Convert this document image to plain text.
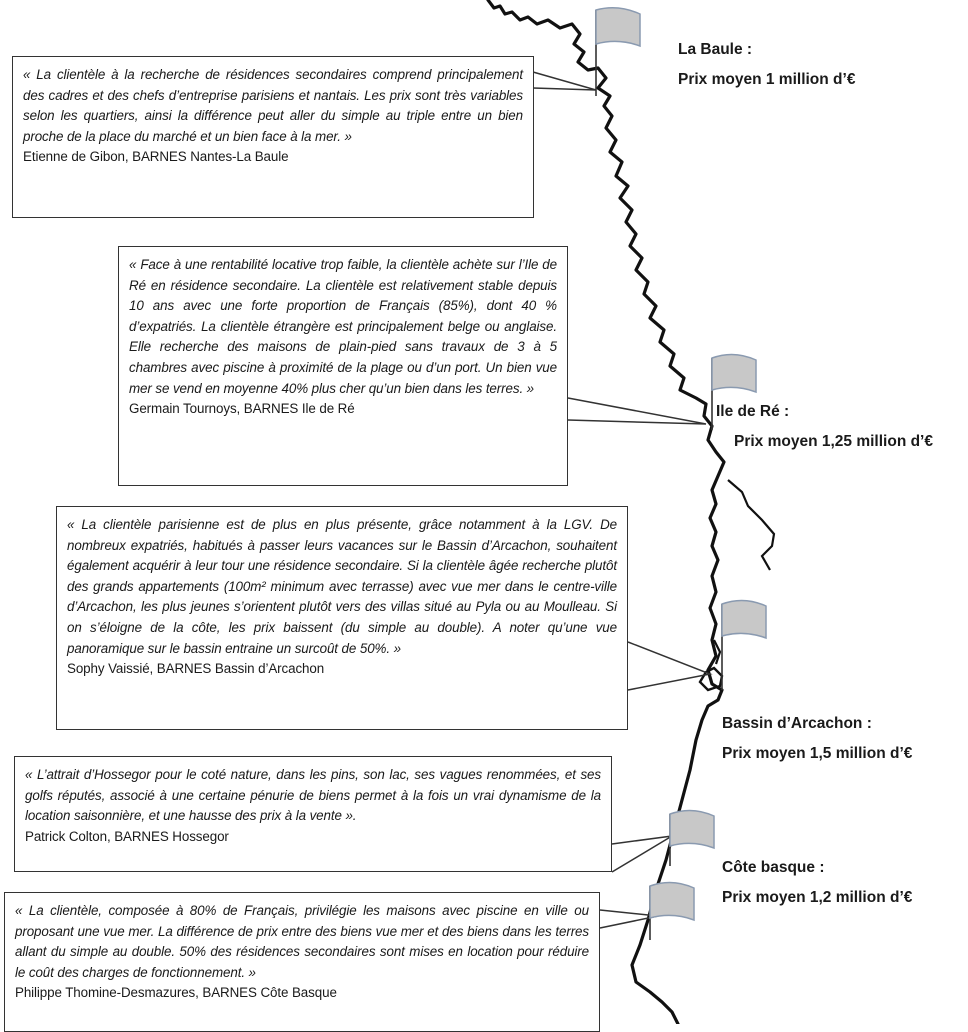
« La clientèle à la recherche de résidences secondaires comprend principalement des cadres et des chefs d’entreprise parisiens et nantais. Les prix sont très variables selon les quartiers, ainsi la différence peut aller du simple au triple entre un bien proche de la place du marché et un bien face à la mer. »

Etienne de Gibon, BARNES Nantes-La Baule

« Face à une rentabilité locative trop faible, la clientèle achète sur l’Ile de Ré en résidence secondaire. La clientèle est relativement stable depuis 10 ans avec une forte proportion de Français (85%), dont 40 % d’expatriés. La clientèle étrangère est principalement belge ou anglaise. Elle recherche des maisons de plain-pied sans travaux de 3 à 5 chambres avec piscine à proximité de la plage ou d’un port. Un bien vue mer se vend en moyenne 40% plus cher qu’un bien dans les terres. »

Germain Tournoys, BARNES Ile de Ré

« La clientèle parisienne est de plus en plus présente, grâce notamment à la LGV. De nombreux expatriés, habitués à passer leurs vacances sur le Bassin d’Arcachon, souhaitent également acquérir à leur tour une résidence secondaire. Si la clientèle âgée recherche plutôt des grands appartements (100m² minimum avec terrasse) avec vue mer dans le centre-ville d’Arcachon, les plus jeunes s’orientent plutôt vers des villas situé au Pyla ou au Moulleau. Si on s’éloigne de la côte, les prix baissent (du simple au double). A noter qu’une vue panoramique sur le bassin entraine un surcoût de 50%. »

Sophy Vaissié, BARNES Bassin d’Arcachon

« L’attrait d’Hossegor pour le coté nature, dans les pins, son lac, ses vagues renommées, et ses golfs réputés, associé à une certaine pénurie de biens permet à la fois un vrai dynamisme de la location saisonnière, et une hausse des prix à la vente ».

Patrick Colton, BARNES Hossegor

« La clientèle, composée à 80% de Français, privilégie les maisons avec piscine en ville ou proposant une vue mer. La différence de prix entre des biens vue mer et des biens dans les terres allant du simple au double. 50% des résidences secondaires sont mises en location pour réduire le coût des charges de fonctionnement. »

Philippe Thomine-Desmazures, BARNES Côte Basque

La Baule :
Prix moyen 1 million d’€
Ile de Ré :
Prix moyen 1,25 million d’€
Bassin d’Arcachon :
Prix moyen 1,5 million d’€
Côte basque :
Prix moyen 1,2 million d’€
